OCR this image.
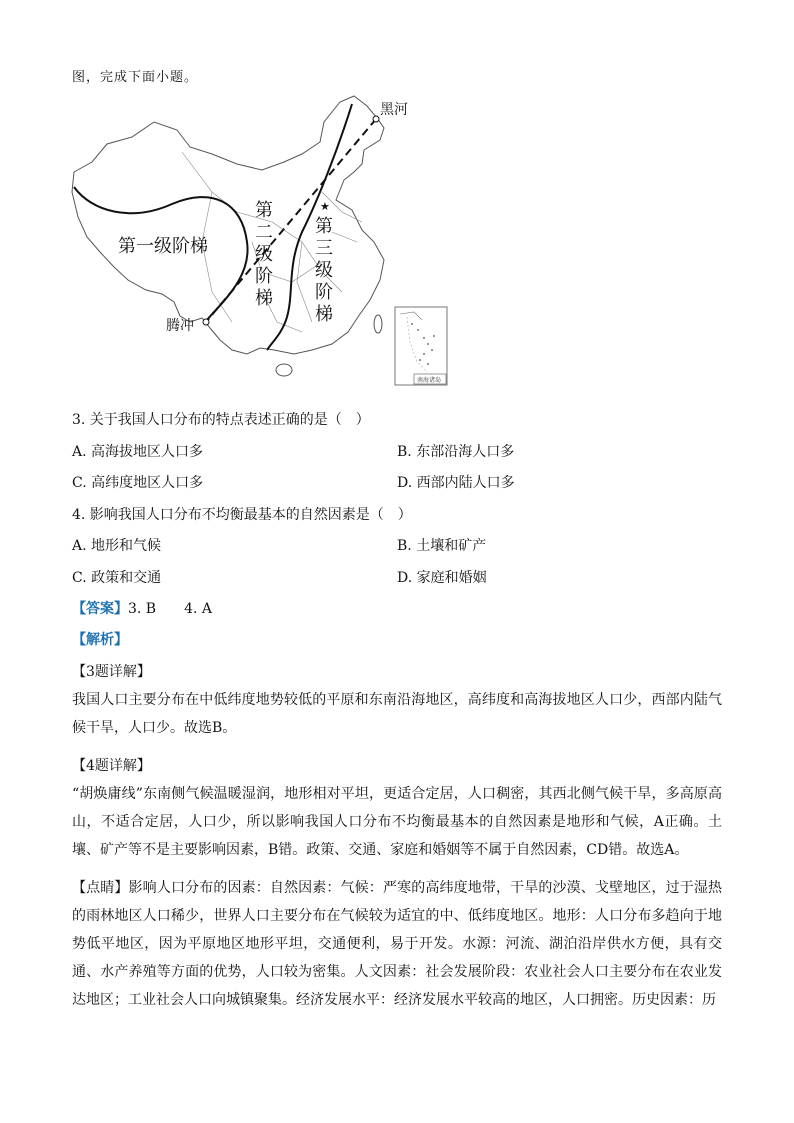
图，完成下面小题。
★
黑河
腾冲
第一级阶梯
第
二
级
阶
梯
第
三
级
阶
梯
南海诸岛
3. 关于我国人口分布的特点表述正确的是（　）
A. 高海拔地区人口多	B. 东部沿海人口多
C. 高纬度地区人口多	D. 西部内陆人口多
4. 影响我国人口分布不均衡最基本的自然因素是（　）
A. 地形和气候	B. 土壤和矿产
C. 政策和交通	D. 家庭和婚姻
【答案】3. B　　4. A
【解析】
【3题详解】
我国人口主要分布在中低纬度地势较低的平原和东南沿海地区，高纬度和高海拔地区人口少，西部内陆气候干旱，人口少。故选B。
【4题详解】
“胡焕庸线”东南侧气候温暖湿润，地形相对平坦，更适合定居，人口稠密，其西北侧气候干旱，多高原高山，不适合定居，人口少，所以影响我国人口分布不均衡最基本的自然因素是地形和气候，A正确。土壤、矿产等不是主要影响因素，B错。政策、交通、家庭和婚姻等不属于自然因素，CD错。故选A。
【点睛】影响人口分布的因素：自然因素：气候：严寒的高纬度地带，干旱的沙漠、戈壁地区，过于湿热的雨林地区人口稀少，世界人口主要分布在气候较为适宜的中、低纬度地区。地形：人口分布多趋向于地势低平地区，因为平原地区地形平坦，交通便利，易于开发。水源：河流、湖泊沿岸供水方便，具有交通、水产养殖等方面的优势，人口较为密集。人文因素：社会发展阶段：农业社会人口主要分布在农业发达地区；工业社会人口向城镇聚集。经济发展水平：经济发展水平较高的地区，人口拥密。历史因素：历
